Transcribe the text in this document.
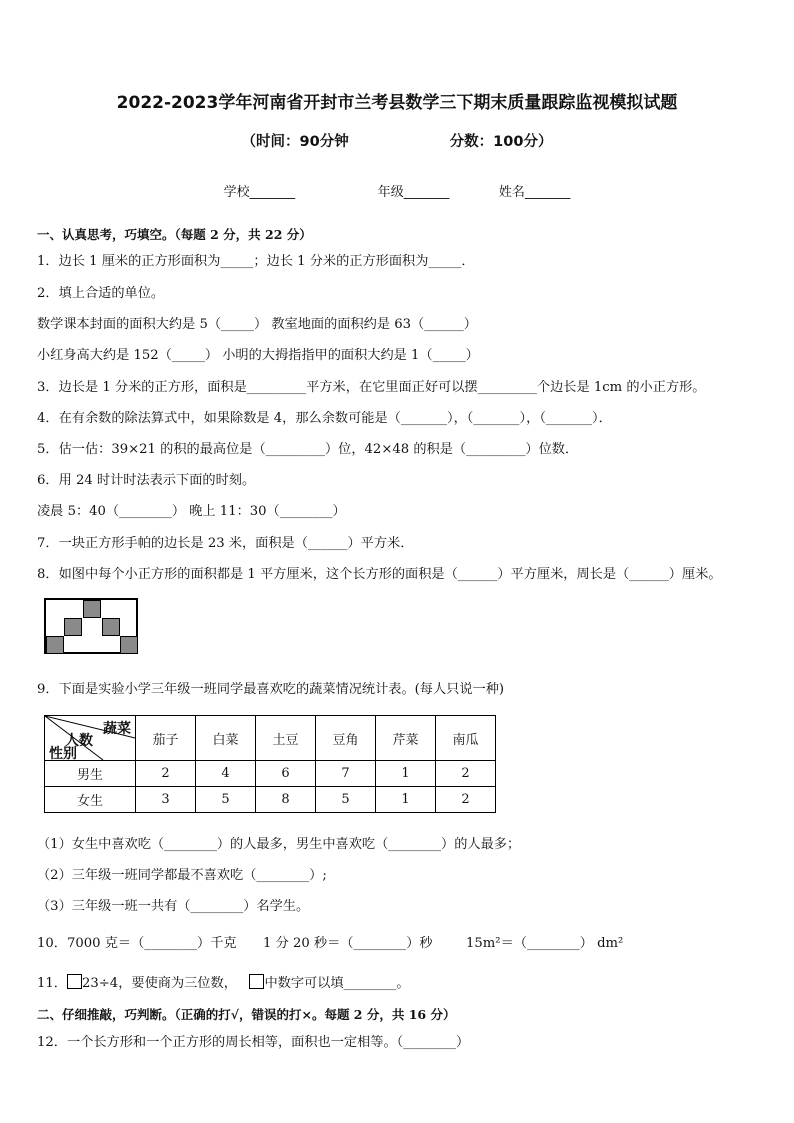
2022-2023学年河南省开封市兰考县数学三下期末质量跟踪监视模拟试题
（时间：90分钟                    分数：100分）
学校_______                    年级_______            姓名_______
一、认真思考，巧填空。（每题 2 分，共 22 分）
1．边长 1 厘米的正方形面积为_____；边长 1 分米的正方形面积为_____．
2．填上合适的单位。
数学课本封面的面积大约是 5（_____） 教室地面的面积约是 63（______）
小红身高大约是 152（_____） 小明的大拇指指甲的面积大约是 1（_____）
3．边长是 1 分米的正方形，面积是_________平方米，在它里面正好可以摆_________个边长是 1cm 的小正方形。
4．在有余数的除法算式中，如果除数是 4，那么余数可能是（_______），（_______），（_______）．
5．估一估：39×21 的积的最高位是（_________）位，42×48 的积是（_________）位数．
6．用 24 时计时法表示下面的时刻。
凌晨 5：40（________） 晚上 11：30（________）
7．一块正方形手帕的边长是 23 米，面积是（______）平方米．
8．如图中每个小正方形的面积都是 1 平方厘米，这个长方形的面积是（______）平方厘米，周长是（______）厘米。
9．下面是实验小学三年级一班同学最喜欢吃的蔬菜情况统计表。(每人只说一种)
蔬菜
人数
性别	茄子	白菜	土豆	豆角	芹菜	南瓜
男生	2	4	6	7	1	2
女生	3	5	8	5	1	2
（1）女生中喜欢吃（________）的人最多，男生中喜欢吃（________）的人最多；
（2）三年级一班同学都最不喜欢吃（________）;
（3）三年级一班一共有（________）名学生。
10．7000 克＝（________）千克 1 分 20 秒＝（________）秒	15m²＝（________） dm²
11． 23÷4，要使商为三位数， 中数字可以填________。
二、仔细推敲，巧判断。（正确的打√，错误的打×。每题 2 分，共 16 分）
12．一个长方形和一个正方形的周长相等，面积也一定相等。（________）
